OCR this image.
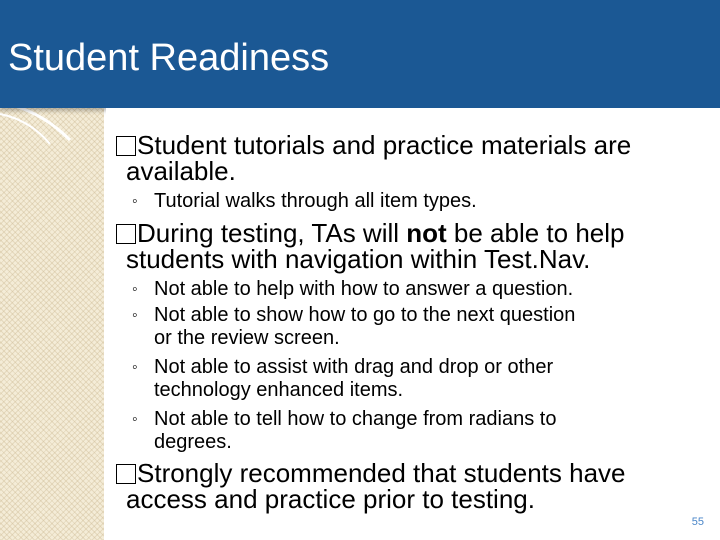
Student Readiness
Student tutorials and practice materials are
available.
◦ Tutorial walks through all item types.
During testing, TAs will not be able to help
students with navigation within Test.Nav.
◦ Not able to help with how to answer a question.
◦ Not able to show how to go to the next question
or the review screen.
◦ Not able to assist with drag and drop or other
technology enhanced items.
◦ Not able to tell how to change from radians to
degrees.
Strongly recommended that students have
access and practice prior to testing.
55
